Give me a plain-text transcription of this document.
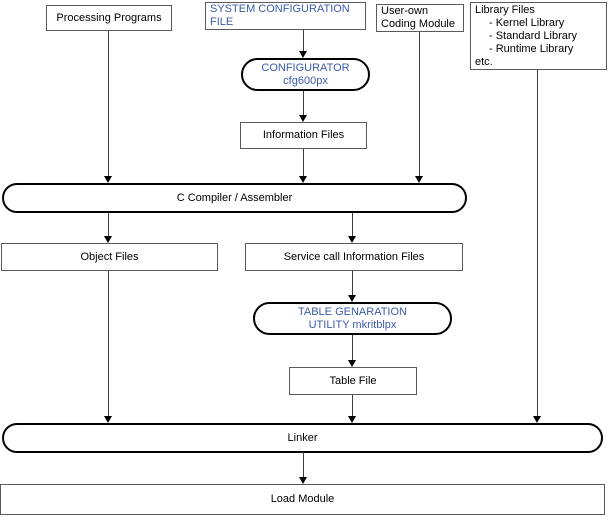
Processing Programs
SYSTEM CONFIGURATION
FILE
User-own
Coding Module
Library Files
- Kernel Library
- Standard Library
- Runtime Library
etc.
CONFIGURATOR
cfg600px
Information Files
C Compiler / Assembler
Object Files	Service call Information Files
TABLE GENARATION
UTILITY mkritblpx
Table File
Linker
Load Module
